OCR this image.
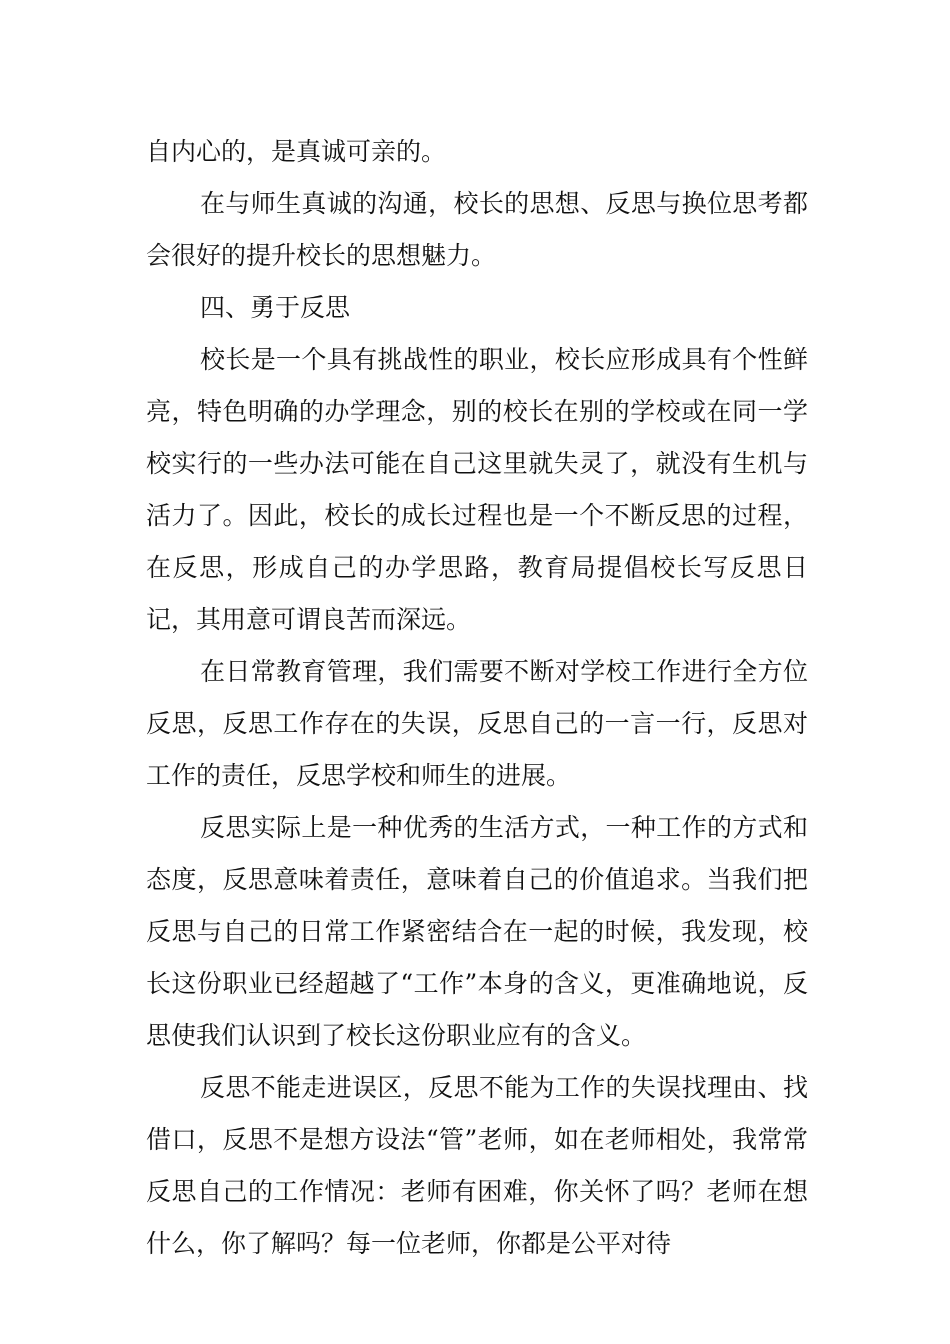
自内心的，是真诚可亲的。

在与师生真诚的沟通，校长的思想、反思与换位思考都会很好的提升校长的思想魅力。

四、勇于反思

校长是一个具有挑战性的职业，校长应形成具有个性鲜亮，特色明确的办学理念，别的校长在别的学校或在同一学校实行的一些办法可能在自己这里就失灵了，就没有生机与活力了。因此，校长的成长过程也是一个不断反思的过程，在反思，形成自己的办学思路，教育局提倡校长写反思日记，其用意可谓良苦而深远。

在日常教育管理，我们需要不断对学校工作进行全方位反思，反思工作存在的失误，反思自己的一言一行，反思对工作的责任，反思学校和师生的进展。

反思实际上是一种优秀的生活方式，一种工作的方式和态度，反思意味着责任，意味着自己的价值追求。当我们把反思与自己的日常工作紧密结合在一起的时候，我发现，校长这份职业已经超越了“工作”本身的含义，更准确地说，反思使我们认识到了校长这份职业应有的含义。

反思不能走进误区，反思不能为工作的失误找理由、找借口，反思不是想方设法“管”老师，如在老师相处，我常常反思自己的工作情况：老师有困难，你关怀了吗？老师在想什么，你了解吗？每一位老师，你都是公平对待
